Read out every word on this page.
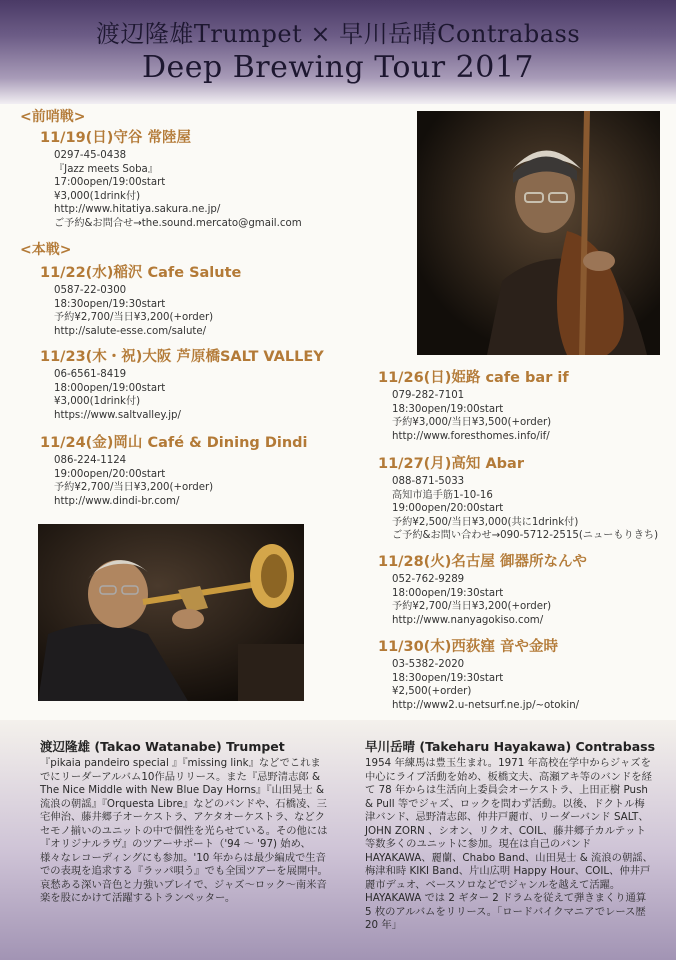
渡辺隆雄Trumpet × 早川岳晴Contrabass
Deep Brewing Tour 2017
<前哨戦>
<本戦>
11/19(日)守谷 常陸屋
0297-45-0438
『Jazz meets Soba』
17:00open/19:00start
¥3,000(1drink付)
http://www.hitatiya.sakura.ne.jp/
ご予約&お問合せ→the.sound.mercato@gmail.com
11/22(水)稲沢 Cafe Salute
0587-22-0300
18:30open/19:30start
予約¥2,700/当日¥3,200(+order)
http://salute-esse.com/salute/
11/23(木・祝)大阪 芦原橋SALT VALLEY
06-6561-8419
18:00open/19:00start
¥3,000(1drink付)
https://www.saltvalley.jp/
11/24(金)岡山 Café & Dining Dindi
086-224-1124
19:00open/20:00start
予約¥2,700/当日¥3,200(+order)
http://www.dindi-br.com/
11/26(日)姫路 cafe bar if
079-282-7101
18:30open/19:00start
予約¥3,000/当日¥3,500(+order)
http://www.foresthomes.info/if/
11/27(月)高知 Abar
088-871-5033
高知市追手筋1-10-16
19:00open/20:00start
予約¥2,500/当日¥3,000(共に1drink付)
ご予約&お問い合わせ→090-5712-2515(ニューもりきち)
11/28(火)名古屋 御器所なんや
052-762-9289
18:00open/19:30start
予約¥2,700/当日¥3,200(+order)
http://www.nanyagokiso.com/
11/30(木)西荻窪 音や金時
03-5382-2020
18:30open/19:30start
¥2,500(+order)
http://www2.u-netsurf.ne.jp/~otokin/
渡辺隆雄 (Takao Watanabe) Trumpet
『pikaia pandeiro special 』『missing link』などでこれまでにリーダーアルバム10作品リリース。また『忌野清志郎 & The Nice Middle with New Blue Day Horns』『山田晃士 & 流浪の朝謡』『Orquesta Libre』などのバンドや、石橋凌、三宅伸治、藤井郷子オーケストラ、アケタオーケストラ、などクセモノ揃いのユニットの中で個性を光らせている。その他には『オリジナルラヴ』のツアーサポート（'94 〜 '97) 始め、様々なレコーディングにも参加。'10 年からは最少編成で生音での表現を追求する『ラッパ唄う』でも全国ツアーを展開中。哀愁ある深い音色と力強いブレイで、ジャズ〜ロック〜南米音楽を股にかけて活躍するトランペッター。
早川岳晴 (Takeharu Hayakawa) Contrabass
1954 年練馬は豊玉生まれ。1971 年高校在学中からジャズを中心にライブ活動を始め、板橋文夫、高瀬アキ等のバンドを経て 78 年からは生活向上委員会オーケストラ、上田正樹 Push & Pull 等でジャズ、ロックを問わず活動。以後、ドクトル梅津バンド、忌野清志郎、仲井戸麗市、リーダーバンド SALT、JOHN ZORN 、シオン、リクオ、COIL、藤井郷子カルテット等数多くのユニットに参加。現在は自己のバンド HAYAKAWA、麗蘭、Chabo Band、山田晃士 & 流浪の朝謡、梅津和時 KIKI Band、片山広明 Happy Hour、COIL、仲井戸麗市デュオ、ベースソロなどでジャンルを越えて活躍。HAYAKAWA では 2 ギター 2 ドラムを従えて弾きまくり通算 5 枚のアルバムをリリース。「ロードバイクマニアでレース歴 20 年」
